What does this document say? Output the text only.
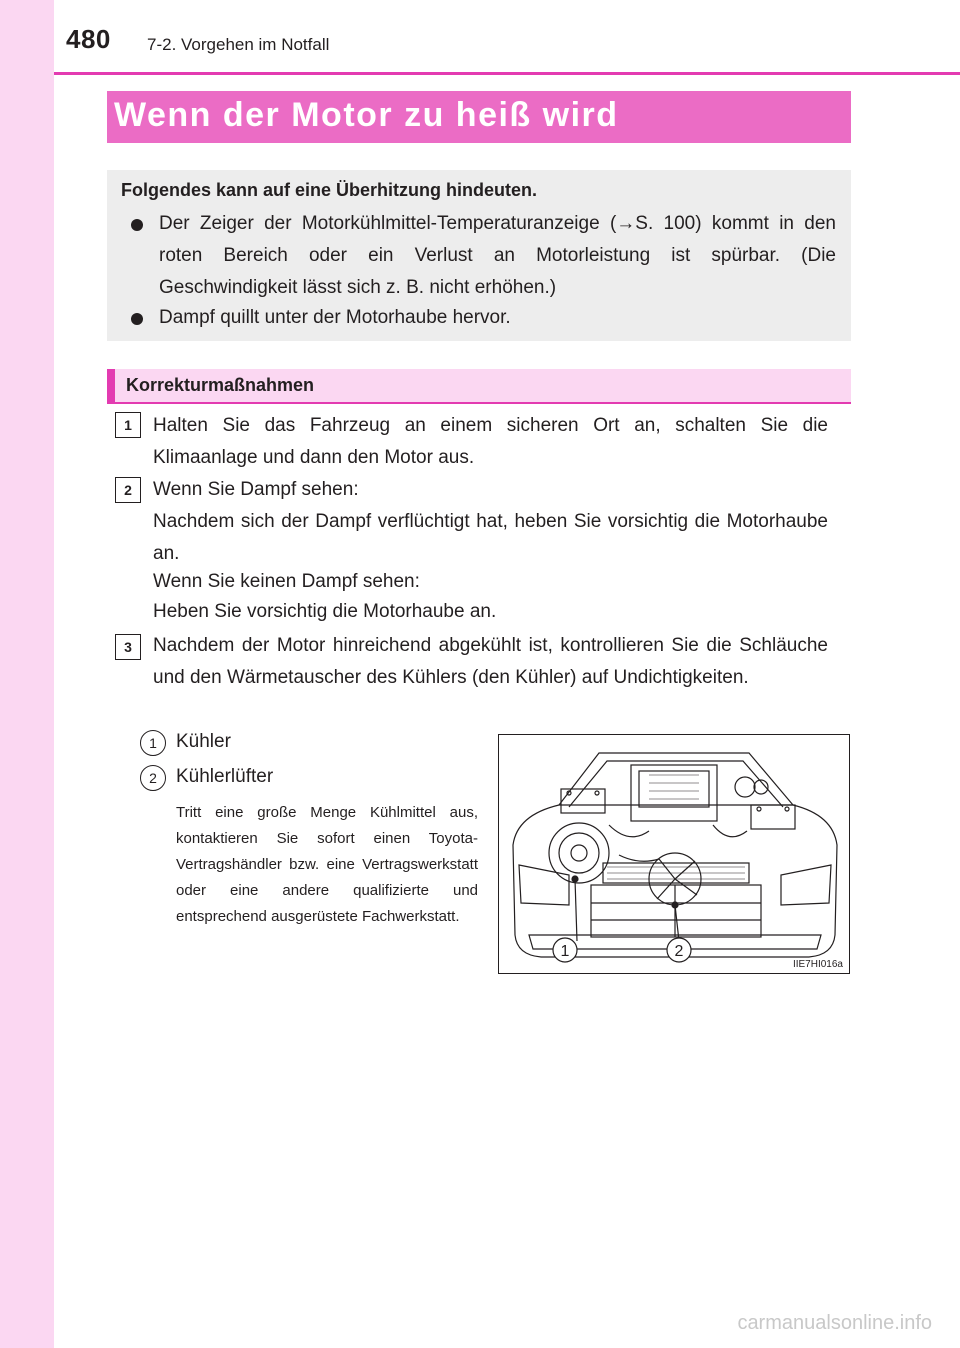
480 7-2. Vorgehen im Notfall
Wenn der Motor zu heiß wird
Folgendes kann auf eine Überhitzung hindeuten.
Der Zeiger der Motorkühlmittel-Temperaturanzeige (→S. 100) kommt in den roten Bereich oder ein Verlust an Motorleistung ist spürbar. (Die Geschwindigkeit lässt sich z. B. nicht erhöhen.)
Dampf quillt unter der Motorhaube hervor.
Korrekturmaßnahmen
1	Halten Sie das Fahrzeug an einem sicheren Ort an, schalten Sie die Klimaanlage und dann den Motor aus.
2	Wenn Sie Dampf sehen:
Nachdem sich der Dampf verflüchtigt hat, heben Sie vorsichtig die Motorhaube an.
Wenn Sie keinen Dampf sehen:
Heben Sie vorsichtig die Motorhaube an.
3	Nachdem der Motor hinreichend abgekühlt ist, kontrollieren Sie die Schläuche und den Wärmetauscher des Kühlers (den Kühler) auf Undichtigkeiten.
1	Kühler
2	Kühlerlüfter
Tritt eine große Menge Kühlmittel aus, kontaktieren Sie sofort einen Toyota-Vertragshändler bzw. eine Vertragswerkstatt oder eine andere qualifizierte und entsprechend ausgerüstete Fachwerkstatt.
1	2
IIE7HI016a
carmanualsonline.info
